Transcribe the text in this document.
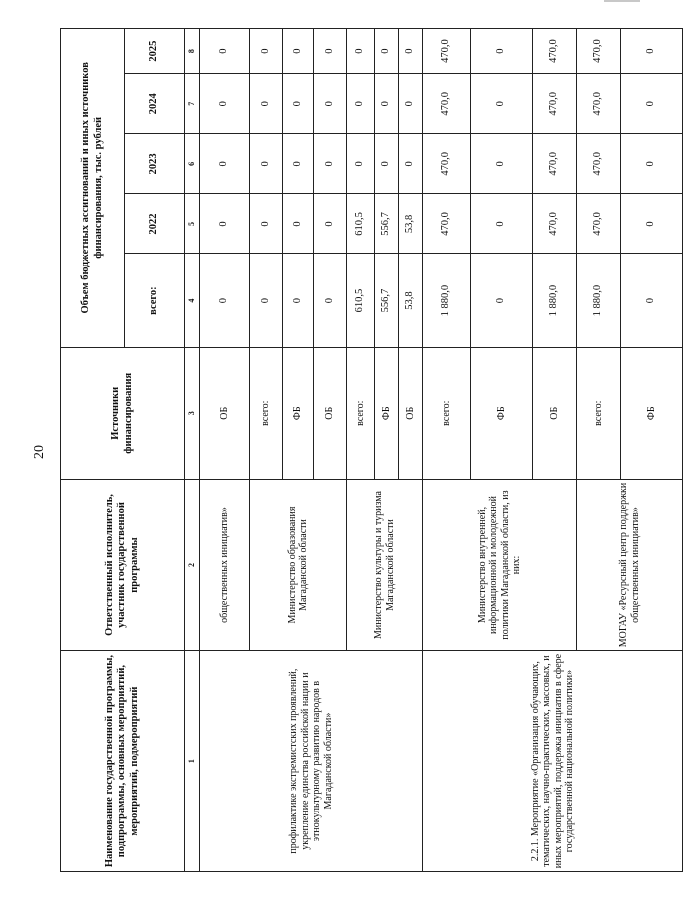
20
Наименование государственной программы, подпрограммы, основных мероприятий, мероприятий, подмероприятий	Ответственный исполнитель, участник государственной программы	Источники финансирования	Объем бюджетных ассигнований и иных источников финансирования, тыс. рублей				
			всего:	2022	2023	2024	2025
1	2	3	4	5	6	7	8
профилактике экстремистских проявлений, укрепление единства российской нации и этнокультурному развитию народов в Магаданской области»	общественных инициатив»	ОБ	0	0	0	0	0
	Министерство образования Магаданской области	всего:	0	0	0	0	0
		ФБ	0	0	0	0	0
		ОБ	0	0	0	0	0
	Министерство культуры и туризма Магаданской области	всего:	610,5	610,5	0	0	0
		ФБ	556,7	556,7	0	0	0
		ОБ	53,8	53,8	0	0	0
2.2.1. Мероприятие «Организация обучающих, тематических, научно-практических, массовых, и иных мероприятий, поддержка инициатив в сфере государственной национальной политики»	Министерство внутренней, информационной и молодежной политики Магаданской области, из них:	всего:	1 880,0	470,0	470,0	470,0	470,0
		ФБ	0	0	0	0	0
		ОБ	1 880,0	470,0	470,0	470,0	470,0
	МОГАУ «Ресурсный центр поддержки общественных инициатив»	всего:	1 880,0	470,0	470,0	470,0	470,0
		ФБ	0	0	0	0	0
